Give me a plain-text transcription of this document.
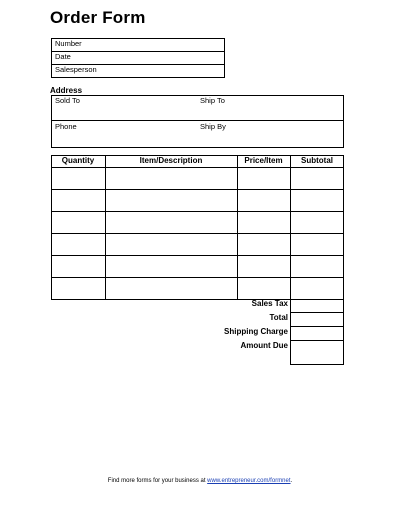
Order Form
Number
Date
Salesperson
Address
Sold To	Ship To
Phone	Ship By
Quantity	Item/Description	Price/Item	Subtotal
Sales Tax
Total
Shipping Charge
Amount Due
Find more forms for your business at www.entrepreneur.com/formnet.
